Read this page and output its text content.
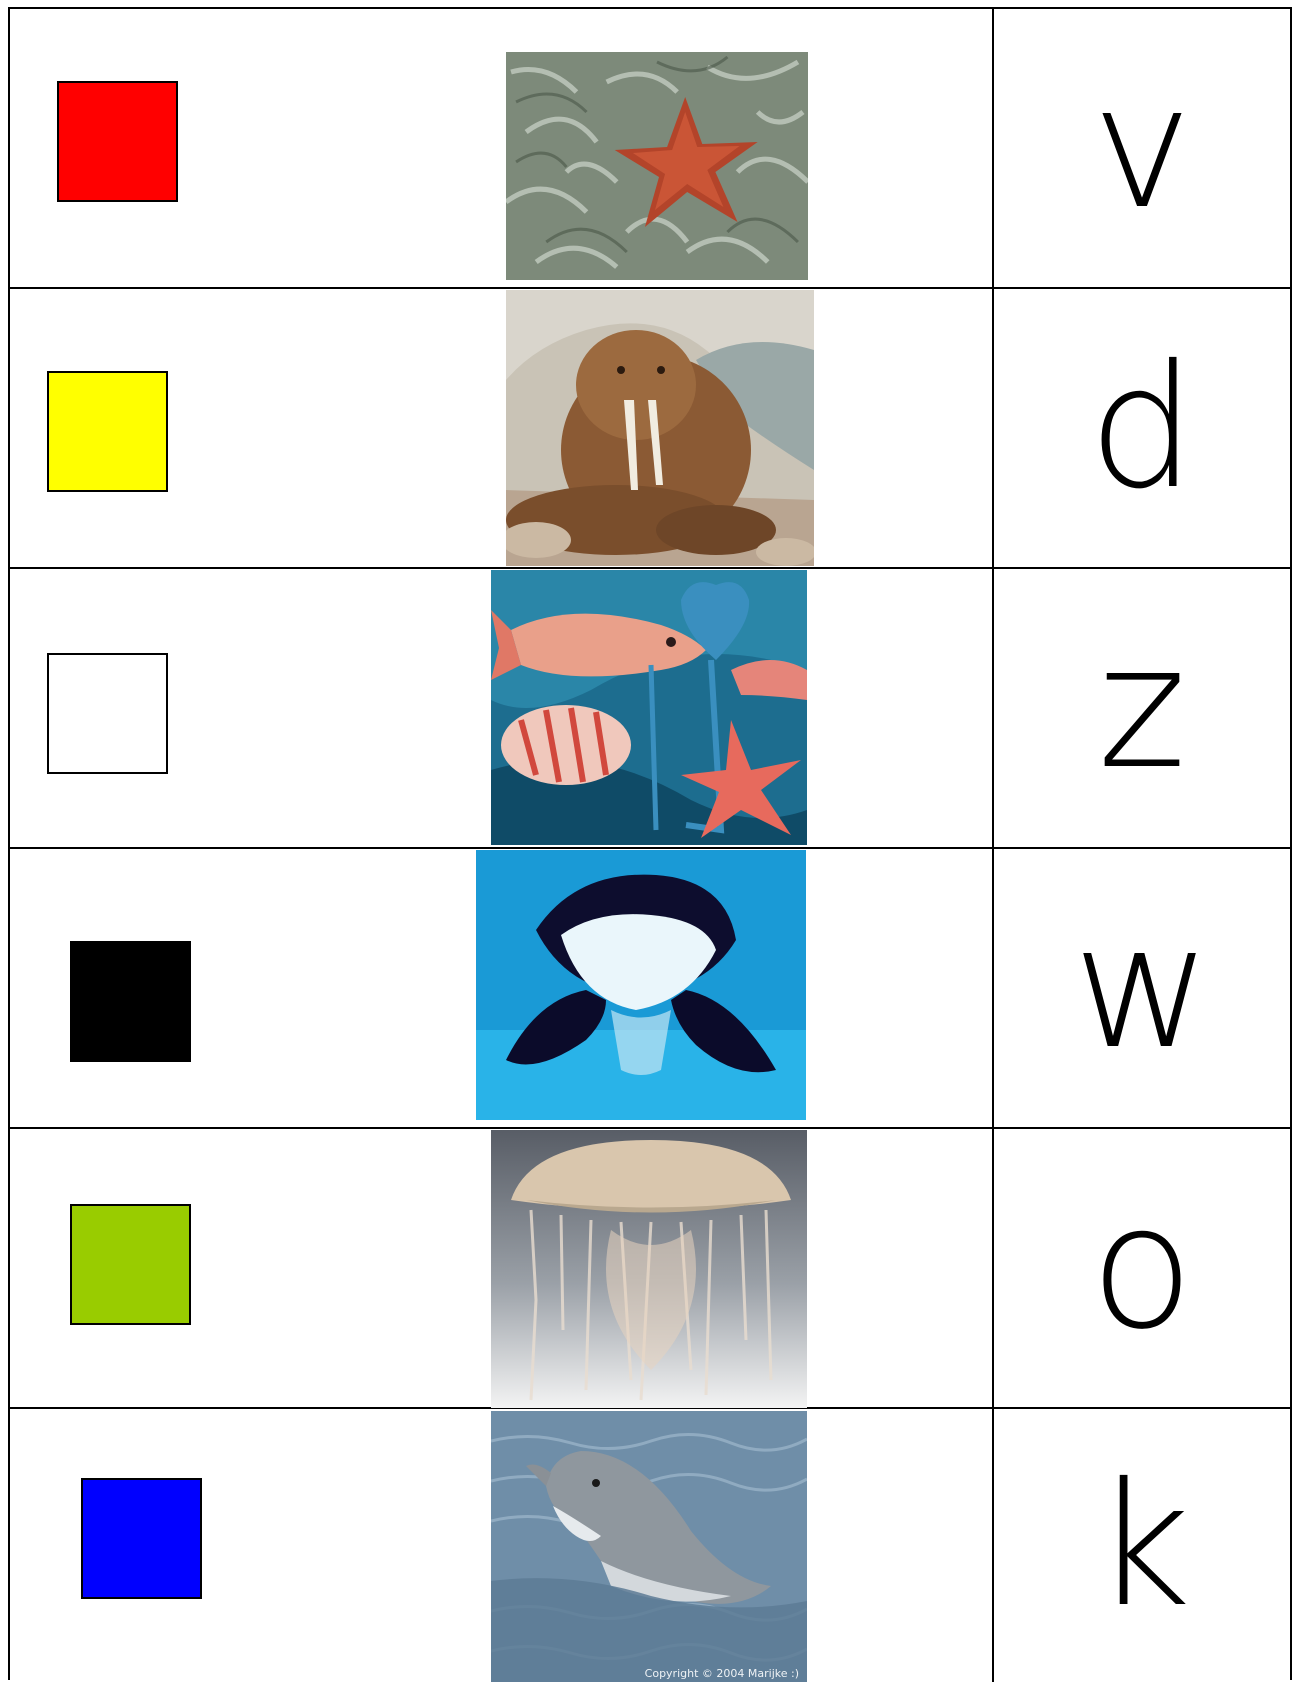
v
d
z
w
o
Copyright © 2004 Marijke :)
k
